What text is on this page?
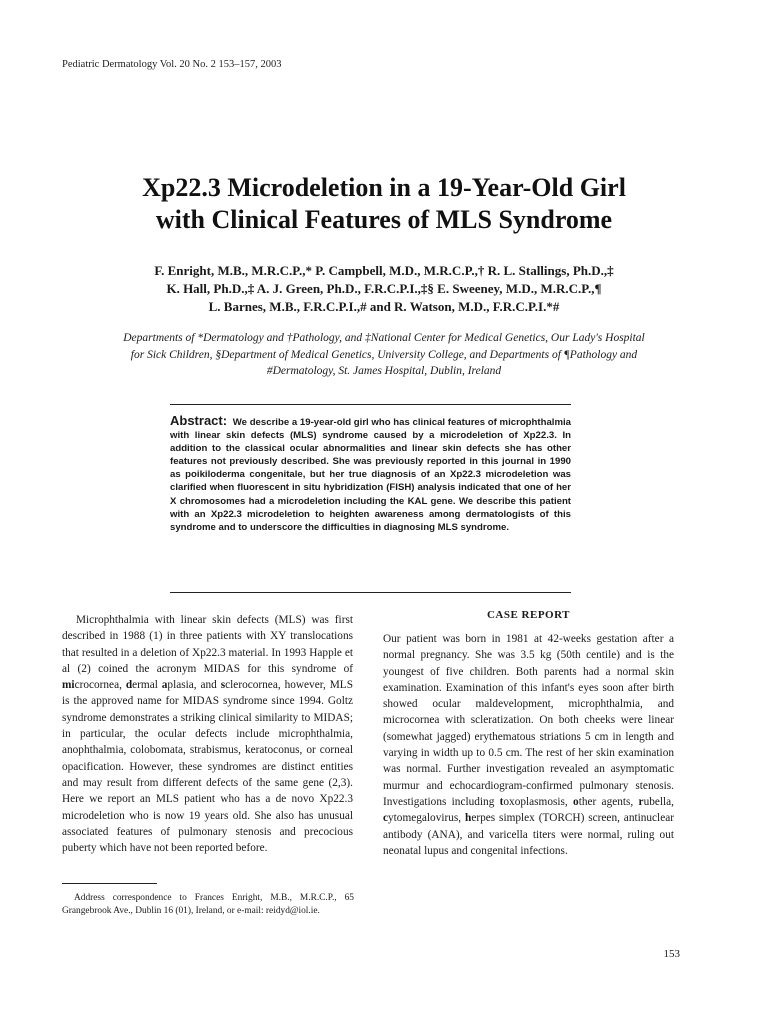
Pediatric Dermatology Vol. 20 No. 2 153–157, 2003
Xp22.3 Microdeletion in a 19-Year-Old Girl
with Clinical Features of MLS Syndrome
F. Enright, M.B., M.R.C.P.,* P. Campbell, M.D., M.R.C.P.,† R. L. Stallings, Ph.D.,‡
K. Hall, Ph.D.,‡ A. J. Green, Ph.D., F.R.C.P.I.,‡§ E. Sweeney, M.D., M.R.C.P.,¶
L. Barnes, M.B., F.R.C.P.I.,# and R. Watson, M.D., F.R.C.P.I.*#
Departments of *Dermatology and †Pathology, and ‡National Center for Medical Genetics, Our Lady's Hospital
for Sick Children, §Department of Medical Genetics, University College, and Departments of ¶Pathology and
#Dermatology, St. James Hospital, Dublin, Ireland
Abstract: We describe a 19-year-old girl who has clinical features of microphthalmia with linear skin defects (MLS) syndrome caused by a microdeletion of Xp22.3. In addition to the classical ocular abnormalities and linear skin defects she has other features not previously described. She was previously reported in this journal in 1990 as poikiloderma congenitale, but her true diagnosis of an Xp22.3 microdeletion was clarified when fluorescent in situ hybridization (FISH) analysis indicated that one of her X chromosomes had a microdeletion including the KAL gene. We describe this patient with an Xp22.3 microdeletion to heighten awareness among dermatologists of this syndrome and to underscore the difficulties in diagnosing MLS syndrome.
Microphthalmia with linear skin defects (MLS) was first described in 1988 (1) in three patients with XY translocations that resulted in a deletion of Xp22.3 material. In 1993 Happle et al (2) coined the acronym MIDAS for this syndrome of microcornea, dermal aplasia, and sclerocornea, however, MLS is the approved name for MIDAS syndrome since 1994. Goltz syndrome demonstrates a striking clinical similarity to MIDAS; in particular, the ocular defects include microphthalmia, anophthalmia, colobomata, strabismus, keratoconus, or corneal opacification. However, these syndromes are distinct entities and may result from different defects of the same gene (2,3). Here we report an MLS patient who has a de novo Xp22.3 microdeletion who is now 19 years old. She also has unusual associated features of pulmonary stenosis and precocious puberty which have not been reported before.
CASE REPORT
Our patient was born in 1981 at 42-weeks gestation after a normal pregnancy. She was 3.5 kg (50th centile) and is the youngest of five children. Both parents had a normal skin examination. Examination of this infant's eyes soon after birth showed ocular maldevelopment, microphthalmia, and microcornea with scleratization. On both cheeks were linear (somewhat jagged) erythematous striations 5 cm in length and varying in width up to 0.5 cm. The rest of her skin examination was normal. Further investigation revealed an asymptomatic murmur and echocardiogram-confirmed pulmonary stenosis. Investigations including toxoplasmosis, other agents, rubella, cytomegalovirus, herpes simplex (TORCH) screen, antinuclear antibody (ANA), and varicella titers were normal, ruling out neonatal lupus and congenital infections.
Address correspondence to Frances Enright, M.B., M.R.C.P., 65 Grangebrook Ave., Dublin 16 (01), Ireland, or e-mail: reidyd@iol.ie.
153
